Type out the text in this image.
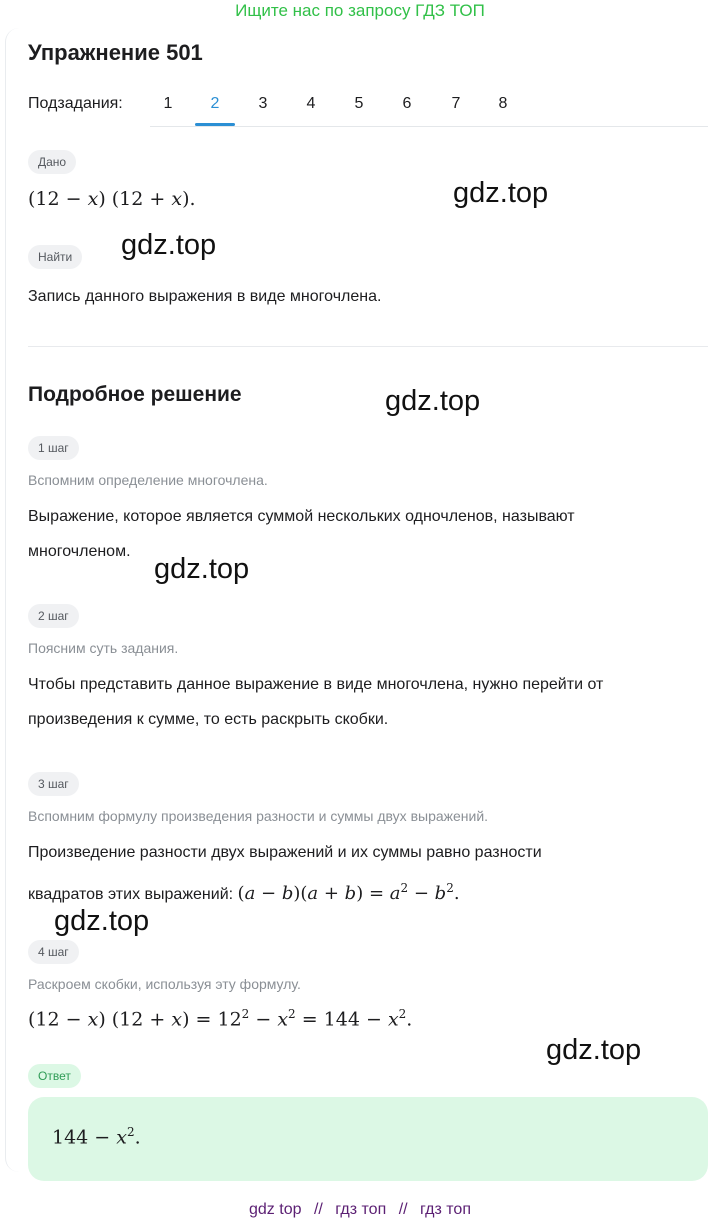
Ищите нас по запросу ГДЗ ТОП
Упражнение 501
Подзадания:	1	2	3	4	5	6	7	8
Дано
(12 − x) (12 + x).
Найти
Запись данного выражения в виде многочлена.
Подробное решение
1 шаг
Вспомним определение многочлена.
Выражение, которое является суммой нескольких одночленов, называют
многочленом.
2 шаг
Поясним суть задания.
Чтобы представить данное выражение в виде многочлена, нужно перейти от
произведения к сумме, то есть раскрыть скобки.
3 шаг
Вспомним формулу произведения разности и суммы двух выражений.
Произведение разности двух выражений и их суммы равно разности
квадратов этих выражений: $(a - b)(a + b) = a^2 - b^2$.
4 шаг
Раскроем скобки, используя эту формулу.
(12 − x) $(12 + x) = 12^2 - x^2 = 144 - x^2$.
Ответ
$144 - x^2$.
gdz.top
gdz.top
gdz.top
gdz.top
gdz.top
gdz.top
gdz top // гдз топ // гдз топ
